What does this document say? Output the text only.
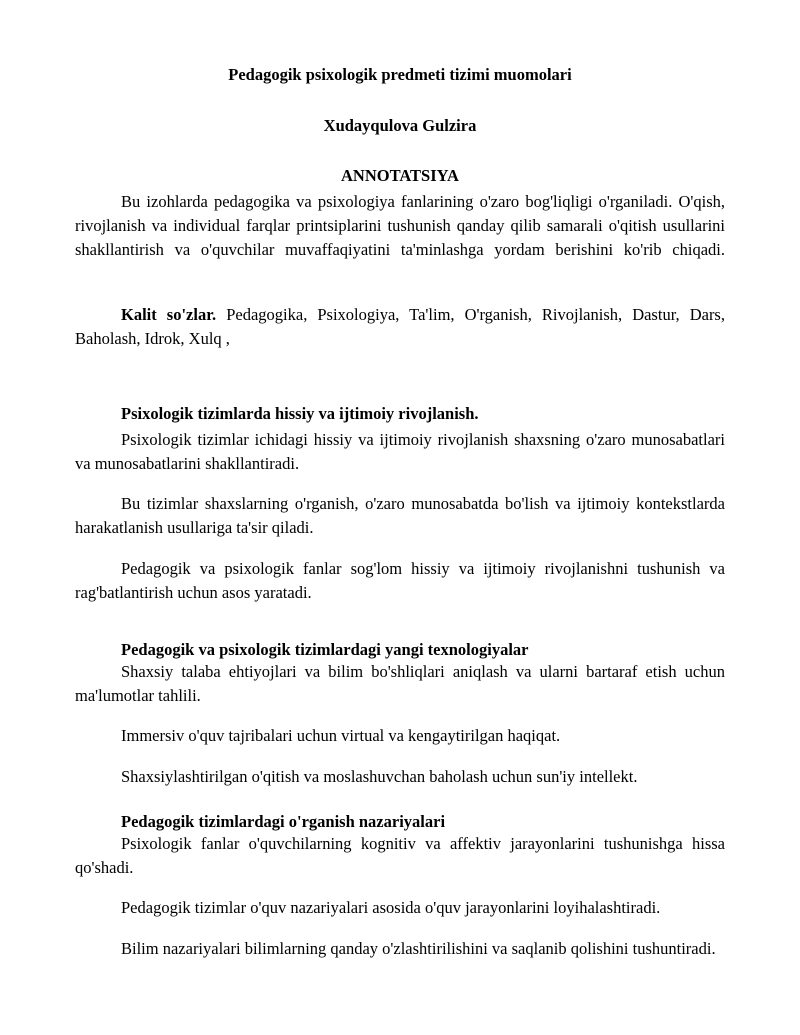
Pedagogik psixologik predmeti tizimi muomolari

Xudayqulova Gulzira

ANNOTATSIYA

Bu izohlarda pedagogika va psixologiya fanlarining o'zaro bog'liqligi o'rganiladi. O'qish, rivojlanish va individual farqlar printsiplarini tushunish qanday qilib samarali o'qitish usullarini shakllantirish va o'quvchilar muvaffaqiyatini ta'minlashga yordam berishini ko'rib chiqadi.

Kalit so'zlar. Pedagogika, Psixologiya, Ta'lim, O'rganish, Rivojlanish, Dastur, Dars, Baholash, Idrok, Xulq ,

Psixologik tizimlarda hissiy va ijtimoiy rivojlanish.

Psixologik tizimlar ichidagi hissiy va ijtimoiy rivojlanish shaxsning o'zaro munosabatlari va munosabatlarini shakllantiradi.

Bu tizimlar shaxslarning o'rganish, o'zaro munosabatda bo'lish va ijtimoiy kontekstlarda harakatlanish usullariga ta'sir qiladi.

Pedagogik va psixologik fanlar sog'lom hissiy va ijtimoiy rivojlanishni tushunish va rag'batlantirish uchun asos yaratadi.

Pedagogik va psixologik tizimlardagi yangi texnologiyalar

Shaxsiy talaba ehtiyojlari va bilim bo'shliqlari aniqlash va ularni bartaraf etish uchun ma'lumotlar tahlili.

Immersiv o'quv tajribalari uchun virtual va kengaytirilgan haqiqat.

Shaxsiylashtirilgan o'qitish va moslashuvchan baholash uchun sun'iy intellekt.

Pedagogik tizimlardagi o'rganish nazariyalari

Psixologik fanlar o'quvchilarning kognitiv va affektiv jarayonlarini tushunishga hissa qo'shadi.

Pedagogik tizimlar o'quv nazariyalari asosida o'quv jarayonlarini loyihalashtiradi.

Bilim nazariyalari bilimlarning qanday o'zlashtirilishini va saqlanib qolishini tushuntiradi.
